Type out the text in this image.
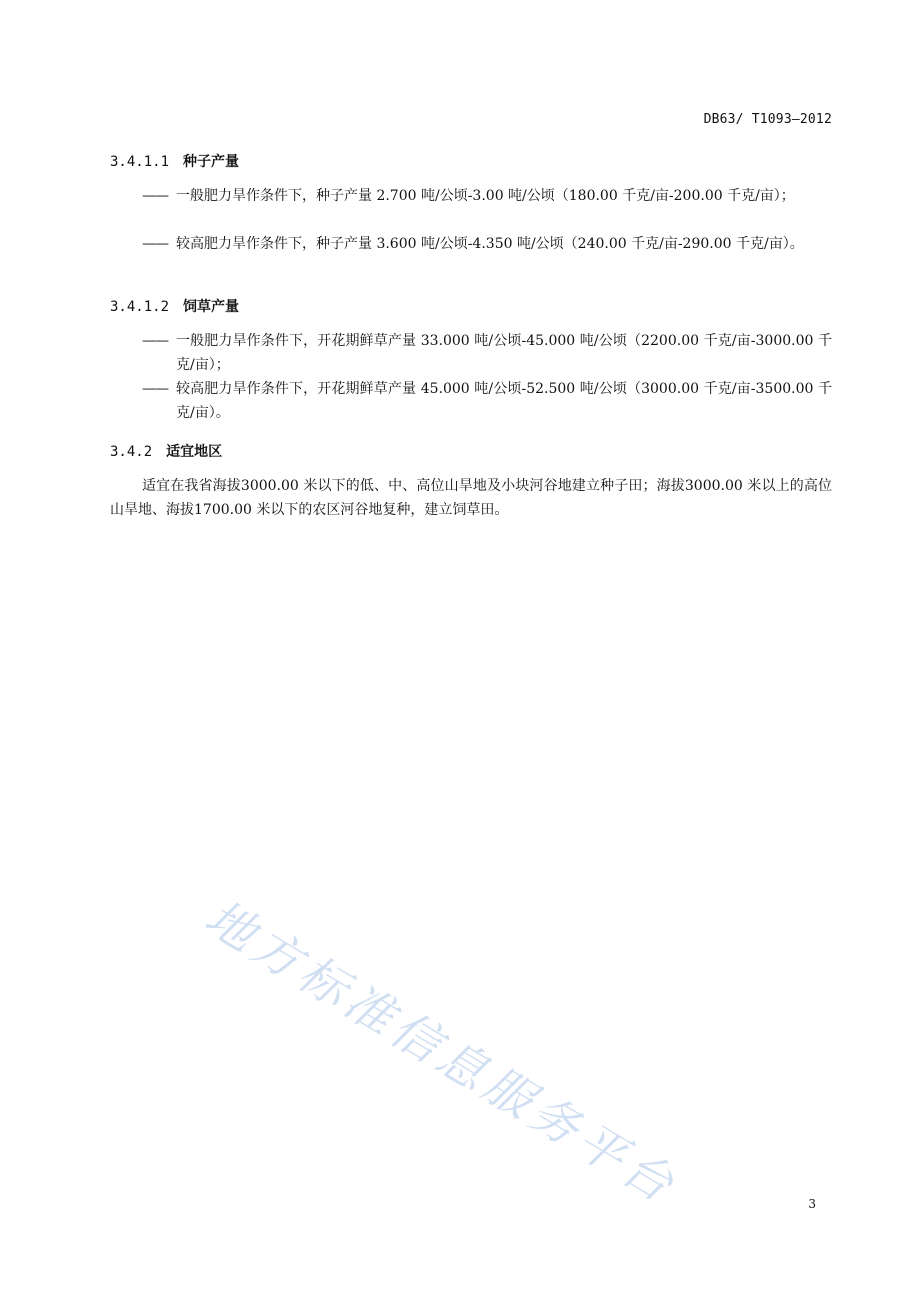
DB63/ T1093—2012
3.4.1.1 种子产量
—— 一般肥力旱作条件下，种子产量 2.700 吨/公顷-3.00 吨/公顷（180.00 千克/亩-200.00 千克/亩）；
—— 较高肥力旱作条件下，种子产量 3.600 吨/公顷-4.350 吨/公顷（240.00 千克/亩-290.00 千克/亩）。
3.4.1.2 饲草产量
—— 一般肥力旱作条件下，开花期鲜草产量 33.000 吨/公顷-45.000 吨/公顷（2200.00 千克/亩-3000.00 千克/亩）；
—— 较高肥力旱作条件下，开花期鲜草产量 45.000 吨/公顷-52.500 吨/公顷（3000.00 千克/亩-3500.00 千克/亩）。
3.4.2 适宜地区
适宜在我省海拔3000.00 米以下的低、中、高位山旱地及小块河谷地建立种子田；海拔3000.00 米以上的高位山旱地、海拔1700.00 米以下的农区河谷地复种，建立饲草田。
地方标准信息服务平台	3
